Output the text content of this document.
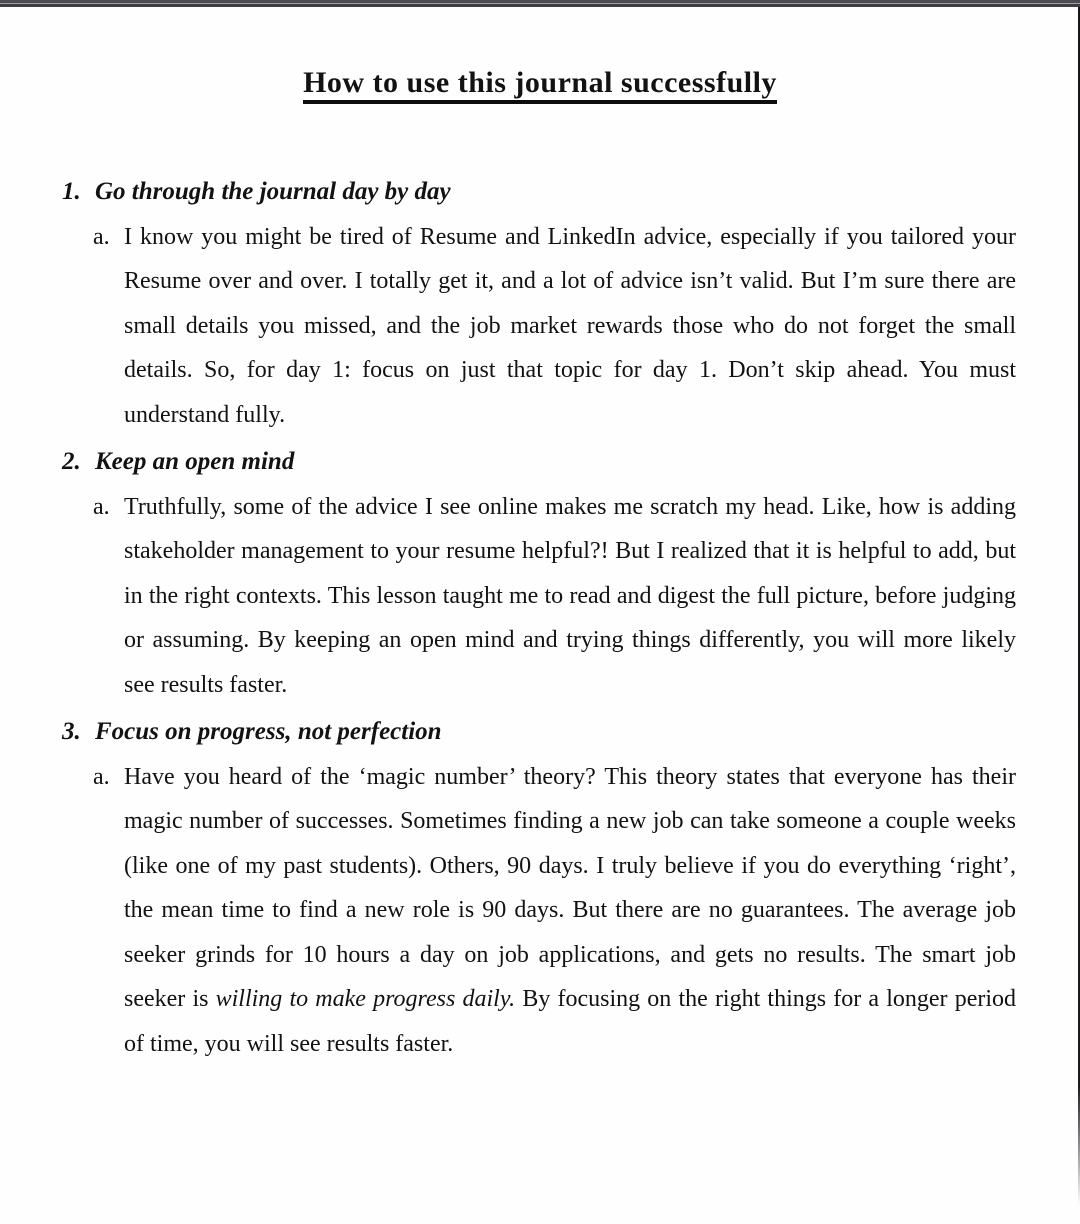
How to use this journal successfully
1. Go through the journal day by day
a. I know you might be tired of Resume and LinkedIn advice, especially if you tailored your Resume over and over. I totally get it, and a lot of advice isn’t valid. But I’m sure there are small details you missed, and the job market rewards those who do not forget the small details. So, for day 1: focus on just that topic for day 1. Don’t skip ahead. You must understand fully.
2. Keep an open mind
a. Truthfully, some of the advice I see online makes me scratch my head. Like, how is adding stakeholder management to your resume helpful?! But I realized that it is helpful to add, but in the right contexts. This lesson taught me to read and digest the full picture, before judging or assuming. By keeping an open mind and trying things differently, you will more likely see results faster.
3. Focus on progress, not perfection
a. Have you heard of the ‘magic number’ theory? This theory states that everyone has their magic number of successes. Sometimes finding a new job can take someone a couple weeks (like one of my past students). Others, 90 days. I truly believe if you do everything ‘right’, the mean time to find a new role is 90 days. But there are no guarantees. The average job seeker grinds for 10 hours a day on job applications, and gets no results. The smart job seeker is willing to make progress daily. By focusing on the right things for a longer period of time, you will see results faster.
